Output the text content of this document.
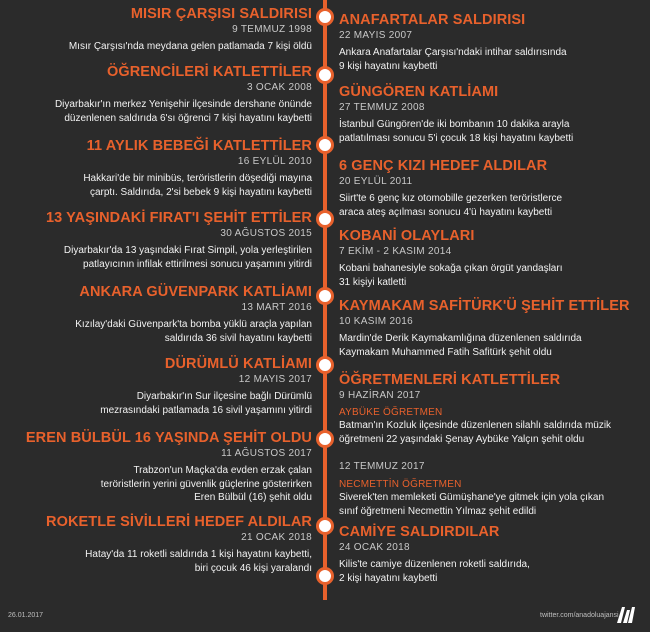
MISIR ÇARŞISI SALDIRISI
9 TEMMUZ 1998
Mısır Çarşısı'nda meydana gelen patlamada 7 kişi öldü
ÖĞRENCİLERİ KATLETTİLER
3 OCAK 2008
Diyarbakır'ın merkez Yenişehir ilçesinde dershane önünde
düzenlenen saldırıda 6'sı öğrenci 7 kişi hayatını kaybetti
11 AYLIK BEBEĞİ KATLETTİLER
16 EYLÜL 2010
Hakkari'de bir minibüs, teröristlerin döşediği mayına
çarptı. Saldırıda, 2'si bebek 9 kişi hayatını kaybetti
13 YAŞINDAKİ FIRAT'I ŞEHİT ETTİLER
30 AĞUSTOS 2015
Diyarbakır'da 13 yaşındaki Fırat Simpil, yola yerleştirilen
patlayıcının infilak ettirilmesi sonucu yaşamını yitirdi
ANKARA GÜVENPARK KATLİAMI
13 MART 2016
Kızılay'daki Güvenpark'ta bomba yüklü araçla yapılan
saldırıda 36 sivil hayatını kaybetti
DÜRÜMLÜ KATLİAMI
12 MAYIS 2017
Diyarbakır'ın Sur ilçesine bağlı Dürümlü
mezrasındaki patlamada 16 sivil yaşamını yitirdi
EREN BÜLBÜL 16 YAŞINDA ŞEHİT OLDU
11 AĞUSTOS 2017
Trabzon'un Maçka'da evden erzak çalan
teröristlerin yerini güvenlik güçlerine gösterirken
Eren Bülbül (16) şehit oldu
ROKETLE SİVİLLERİ HEDEF ALDILAR
21 OCAK 2018
Hatay'da 11 roketli saldırıda 1 kişi hayatını kaybetti,
biri çocuk 46 kişi yaralandı
ANAFARTALAR SALDIRISI
22 MAYIS 2007
Ankara Anafartalar Çarşısı'ndaki intihar saldırısında
9 kişi hayatını kaybetti
GÜNGÖREN KATLİAMI
27 TEMMUZ 2008
İstanbul Güngören'de iki bombanın 10 dakika arayla
patlatılması sonucu 5'i çocuk 18 kişi hayatını kaybetti
6 GENÇ KIZI HEDEF ALDILAR
20 EYLÜL 2011
Siirt'te 6 genç kız otomobille gezerken teröristlerce
araca ateş açılması sonucu 4'ü hayatını kaybetti
KOBANİ OLAYLARI
7 EKİM - 2 KASIM 2014
Kobani bahanesiyle sokağa çıkan örgüt yandaşları
31 kişiyi katletti
KAYMAKAM SAFİTÜRK'Ü ŞEHİT ETTİLER
10 KASIM 2016
Mardin'de Derik Kaymakamlığına düzenlenen saldırıda
Kaymakam Muhammed Fatih Safitürk şehit oldu
ÖĞRETMENLERİ KATLETTİLER
9 HAZİRAN 2017
AYBÜKE ÖĞRETMEN
Batman'ın Kozluk ilçesinde düzenlenen silahlı saldırıda müzik
öğretmeni 22 yaşındaki Şenay Aybüke Yalçın şehit oldu
12 TEMMUZ 2017
NECMETTİN ÖĞRETMEN
Siverek'ten memleketi Gümüşhane'ye gitmek için yola çıkan
sınıf öğretmeni Necmettin Yılmaz şehit edildi
CAMİYE SALDIRDILAR
24 OCAK 2018
Kilis'te camiye düzenlenen roketli saldırıda,
2 kişi hayatını kaybetti
26.01.2017	twitter.com/anadoluajansi
